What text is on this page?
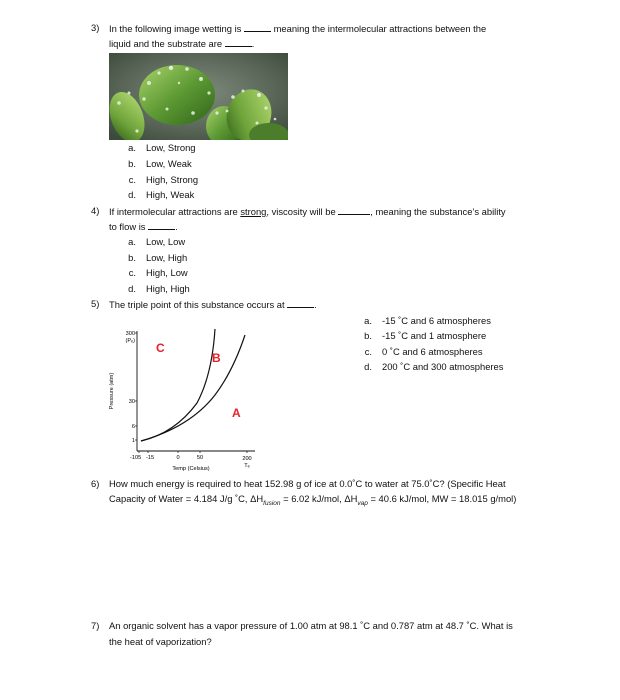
3) In the following image wetting is	meaning the intermolecular attractions between the
liquid and the substrate are	.
a. Low, Strong
b. Low, Weak
c. High, Strong
d. High, Weak
4) If intermolecular attractions are strong, viscosity will be	, meaning the substance’s ability
to flow is	.
a. Low, Low
b. Low, High
c. High, Low
d. High, High
5) The triple point of this substance occurs at	.
a. -15 ˚C and 6 atmospheres
b. -15 ˚C and 1 atmosphere
c. 0 ˚C and 6 atmospheres
d. 200 ˚C and 300 atmospheres
Pressure (atm)
300
(Pₑ)
30
6
1
-105 -15	0	50	200
Tₑ
Temp (Celsius)
C
B
A
6) How much energy is required to heat 152.98 g of ice at 0.0˚C to water at 75.0˚C? (Specific Heat
Capacity of Water = 4.184 J/g ˚C, $\Delta H_{fusion} = 6.02$ kJ/mol, $\Delta H_{vap} = 40.6$ kJ/mol, MW = 18.015 g/mol)
7) An organic solvent has a vapor pressure of 1.00 atm at 98.1 ˚C and 0.787 atm at 48.7 ˚C. What is
the heat of vaporization?
